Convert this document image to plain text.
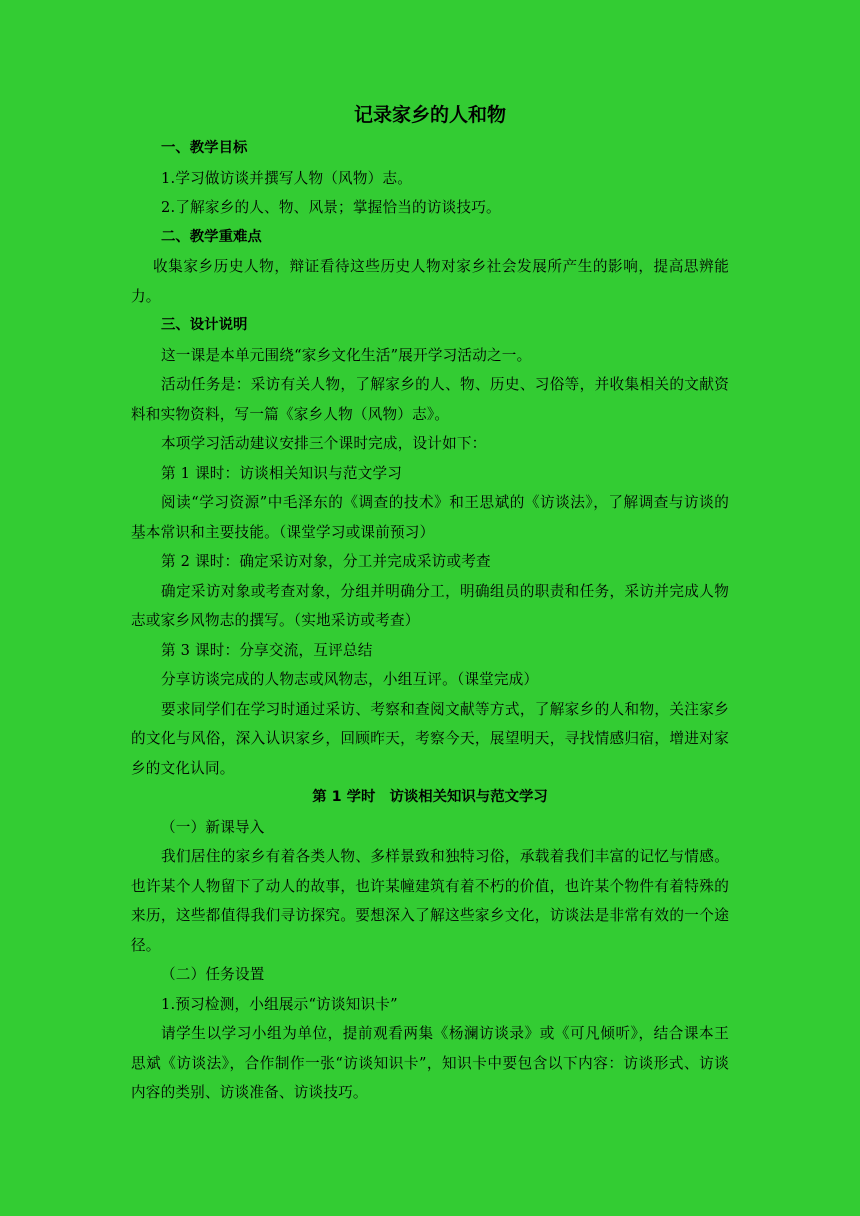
记录家乡的人和物

一、教学目标

1.学习做访谈并撰写人物（风物）志。

2.了解家乡的人、物、风景；掌握恰当的访谈技巧。

二、教学重难点

收集家乡历史人物，辩证看待这些历史人物对家乡社会发展所产生的影响，提高思辨能力。

三、设计说明

这一课是本单元围绕“家乡文化生活”展开学习活动之一。

活动任务是：采访有关人物，了解家乡的人、物、历史、习俗等，并收集相关的文献资料和实物资料，写一篇《家乡人物（风物）志》。

本项学习活动建议安排三个课时完成，设计如下：

第 1 课时：访谈相关知识与范文学习

阅读“学习资源”中毛泽东的《调查的技术》和王思斌的《访谈法》，了解调查与访谈的基本常识和主要技能。（课堂学习或课前预习）

第 2 课时：确定采访对象，分工并完成采访或考查

确定采访对象或考查对象，分组并明确分工，明确组员的职责和任务，采访并完成人物志或家乡风物志的撰写。（实地采访或考查）

第 3 课时：分享交流，互评总结

分享访谈完成的人物志或风物志，小组互评。（课堂完成）

要求同学们在学习时通过采访、考察和查阅文献等方式，了解家乡的人和物，关注家乡的文化与风俗，深入认识家乡，回顾昨天，考察今天，展望明天，寻找情感归宿，增进对家乡的文化认同。

第 1 学时 访谈相关知识与范文学习

（一）新课导入

我们居住的家乡有着各类人物、多样景致和独特习俗，承载着我们丰富的记忆与情感。也许某个人物留下了动人的故事，也许某幢建筑有着不朽的价值，也许某个物件有着特殊的来历，这些都值得我们寻访探究。要想深入了解这些家乡文化，访谈法是非常有效的一个途径。

（二）任务设置

1.预习检测，小组展示“访谈知识卡”

请学生以学习小组为单位，提前观看两集《杨澜访谈录》或《可凡倾听》，结合课本王思斌《访谈法》，合作制作一张“访谈知识卡”，知识卡中要包含以下内容：访谈形式、访谈内容的类别、访谈准备、访谈技巧。
